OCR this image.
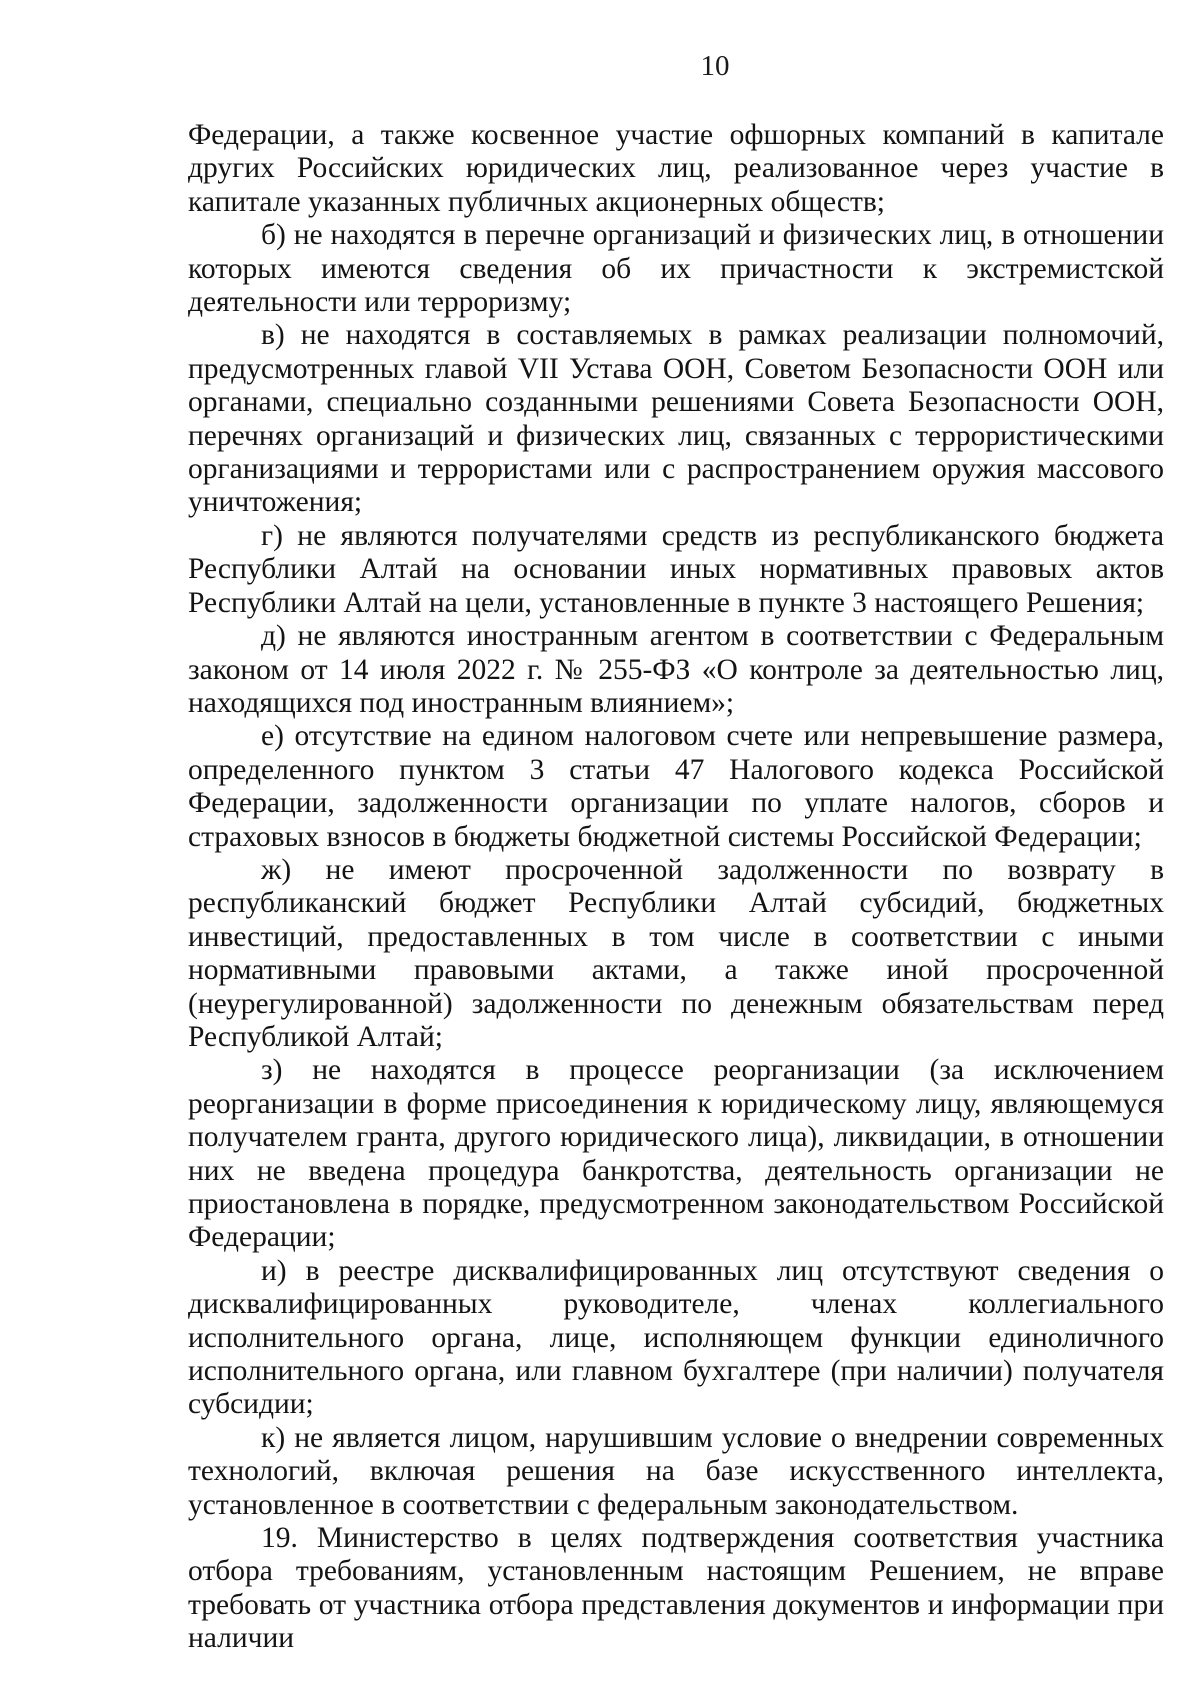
10

Федерации, а также косвенное участие офшорных компаний в капитале других Российских юридических лиц, реализованное через участие в капитале указанных публичных акционерных обществ;

б) не находятся в перечне организаций и физических лиц, в отношении которых имеются сведения об их причастности к экстремистской деятельности или терроризму;

в) не находятся в составляемых в рамках реализации полномочий, предусмотренных главой VII Устава ООН, Советом Безопасности ООН или органами, специально созданными решениями Совета Безопасности ООН, перечнях организаций и физических лиц, связанных с террористическими организациями и террористами или с распространением оружия массового уничтожения;

г) не являются получателями средств из республиканского бюджета Республики Алтай на основании иных нормативных правовых актов Республики Алтай на цели, установленные в пункте 3 настоящего Решения;

д) не являются иностранным агентом в соответствии с Федеральным законом от 14 июля 2022 г. № 255-ФЗ «О контроле за деятельностью лиц, находящихся под иностранным влиянием»;

е) отсутствие на едином налоговом счете или непревышение размера, определенного пунктом 3 статьи 47 Налогового кодекса Российской Федерации, задолженности организации по уплате налогов, сборов и страховых взносов в бюджеты бюджетной системы Российской Федерации;

ж) не имеют просроченной задолженности по возврату в республиканский бюджет Республики Алтай субсидий, бюджетных инвестиций, предоставленных в том числе в соответствии с иными нормативными правовыми актами, а также иной просроченной (неурегулированной) задолженности по денежным обязательствам перед Республикой Алтай;

з) не находятся в процессе реорганизации (за исключением реорганизации в форме присоединения к юридическому лицу, являющемуся получателем гранта, другого юридического лица), ликвидации, в отношении них не введена процедура банкротства, деятельность организации не приостановлена в порядке, предусмотренном законодательством Российской Федерации;

и) в реестре дисквалифицированных лиц отсутствуют сведения о дисквалифицированных руководителе, членах коллегиального исполнительного органа, лице, исполняющем функции единоличного исполнительного органа, или главном бухгалтере (при наличии) получателя субсидии;

к) не является лицом, нарушившим условие о внедрении современных технологий, включая решения на базе искусственного интеллекта, установленное в соответствии с федеральным законодательством.

19. Министерство в целях подтверждения соответствия участника отбора требованиям, установленным настоящим Решением, не вправе требовать от участника отбора представления документов и информации при наличии
